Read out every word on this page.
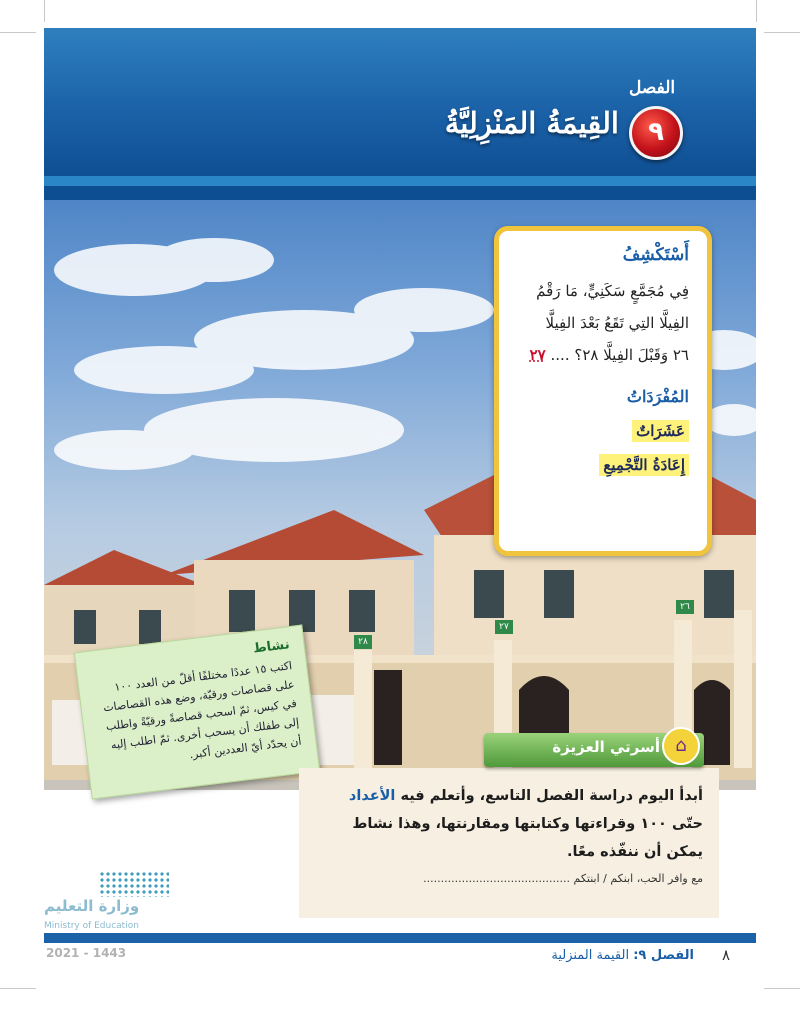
الفصل
٩
القِيمَةُ المَنْزِلِيَّةُ
٢٨
٢٧
٢٦
أَسْتَكْشِفُ
فِي مُجَمَّعٍ سَكَنِيٍّ، مَا رَقْمُ
الفِيلَّا التِي تَقَعُ بَعْدَ الفِيلَّا
٢٦ وَقَبْلَ الفِيلَّا ٢٨؟ .... ٢٧
المُفْرَدَاتُ
عَشَرَاتٌ
إِعَادَةُ التَّجْمِيعِ
نشاط
اكتب ١٥ عددًا مختلفًا أقلّ من العدد ١٠٠ على قصاصات ورقيّة، وضع هذه القصاصات في كيس، ثمّ اسحب قصاصةً ورقيّةً واطلب إلى طفلك أن يسحب أخرى. ثمّ اطلب إليه أن يحدّد أيّ العددين أكبر.
أبدأ اليوم دراسة الفصل التاسع، وأتعلم فيه الأعداد حتّى ١٠٠ وقراءتها وكتابتها ومقارنتها، وهذا نشاط يمكن أن ننفّذه معًا.
مع وافر الحب، ابنكم / ابنتكم ..........................................
أسرتي العزيزة ⌂
وزارة التعليم
Ministry of Education
2021 - 1443	الفصل ٩: القيمة المنزلية	٨
